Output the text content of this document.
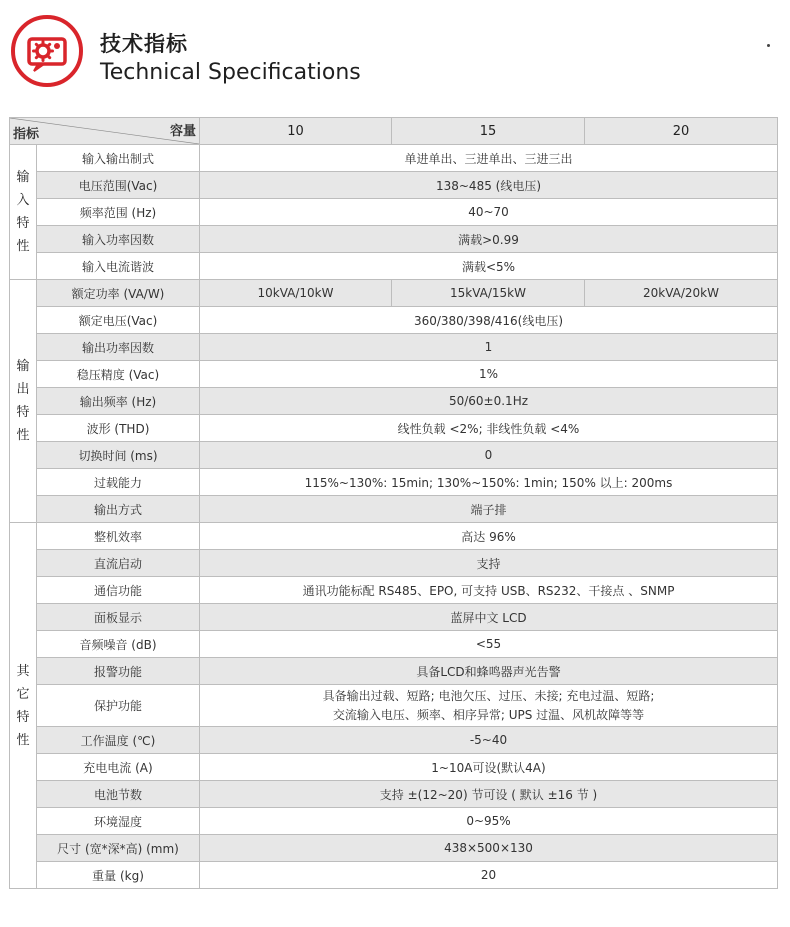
技术指标
Technical Specifications
容量
指标		10	15	20

输
入
特
性	输入输出制式	单进单出、三进单出、三进三出		
	电压范围(Vac)	138~485 (线电压)		
	频率范围 (Hz)	40~70		
	输入功率因数	满载>0.99		
	输入电流谐波	满载<5%		

输
出
特
性	额定功率 (VA/W)	10kVA/10kW	15kVA/15kW	20kVA/20kW
	额定电压(Vac)	360/380/398/416(线电压)		
	输出功率因数	1		
	稳压精度 (Vac)	1%		
	输出频率 (Hz)	50/60±0.1Hz		
	波形 (THD)	线性负载 <2%; 非线性负载 <4%		
	切换时间 (ms)	0		
	过载能力	115%~130%: 15min; 130%~150%: 1min; 150% 以上: 200ms		
	输出方式	端子排		

其
它
特
性	整机效率	高达 96%		
	直流启动	支持		
	通信功能	通讯功能标配 RS485、EPO, 可支持 USB、RS232、干接点 、SNMP		
	面板显示	蓝屏中文 LCD		
	音频噪音 (dB)	<55		
	报警功能	具备LCD和蜂鸣器声光告警		
	保护功能	具备输出过载、短路; 电池欠压、过压、未接; 充电过温、短路;
交流输入电压、频率、相序异常; UPS 过温、风机故障等等		

	工作温度 (℃)	-5~40		
	充电电流 (A)	1~10A可设(默认4A)		
	电池节数	支持 ±(12~20) 节可设 ( 默认 ±16 节 )		
	环境湿度	0~95%		
	尺寸 (宽*深*高) (mm)	438×500×130		
	重量 (kg)	20		
